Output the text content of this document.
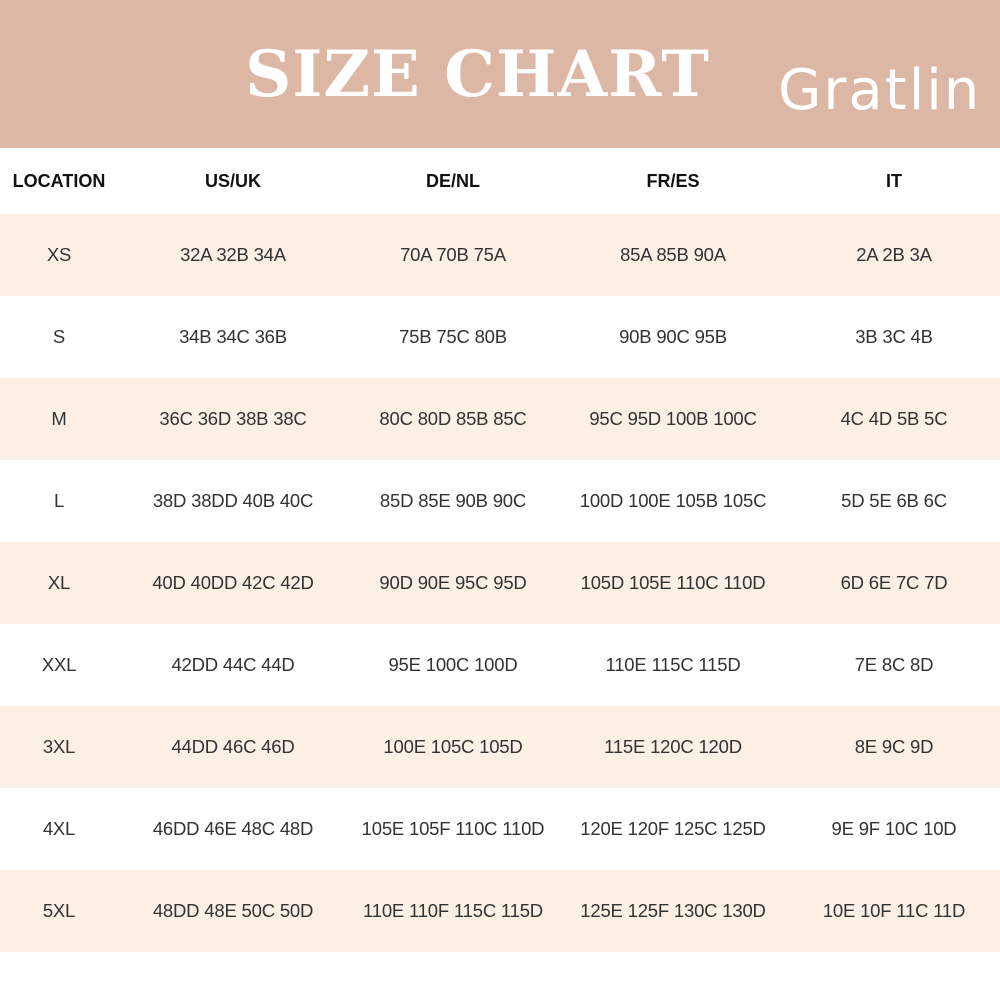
SIZE CHART	Gratlin
LOCATION	US/UK	DE/NL	FR/ES	IT
XS	32A 32B 34A	70A 70B 75A	85A 85B 90A	2A 2B 3A
S	34B 34C 36B	75B 75C 80B	90B 90C 95B	3B 3C 4B
M	36C 36D 38B 38C	80C 80D 85B 85C	95C 95D 100B 100C	4C 4D 5B 5C
L	38D 38DD 40B 40C	85D 85E 90B 90C	100D 100E 105B 105C	5D 5E 6B 6C
XL	40D 40DD 42C 42D	90D 90E 95C 95D	105D 105E 110C 110D	6D 6E 7C 7D
XXL	42DD 44C 44D	95E 100C 100D	110E 115C 115D	7E 8C 8D
3XL	44DD 46C 46D	100E 105C 105D	115E 120C 120D	8E 9C 9D
4XL	46DD 46E 48C 48D	105E 105F 110C 110D	120E 120F 125C 125D	9E 9F 10C 10D
5XL	48DD 48E 50C 50D	110E 110F 115C 115D	125E 125F 130C 130D	10E 10F 11C 11D
